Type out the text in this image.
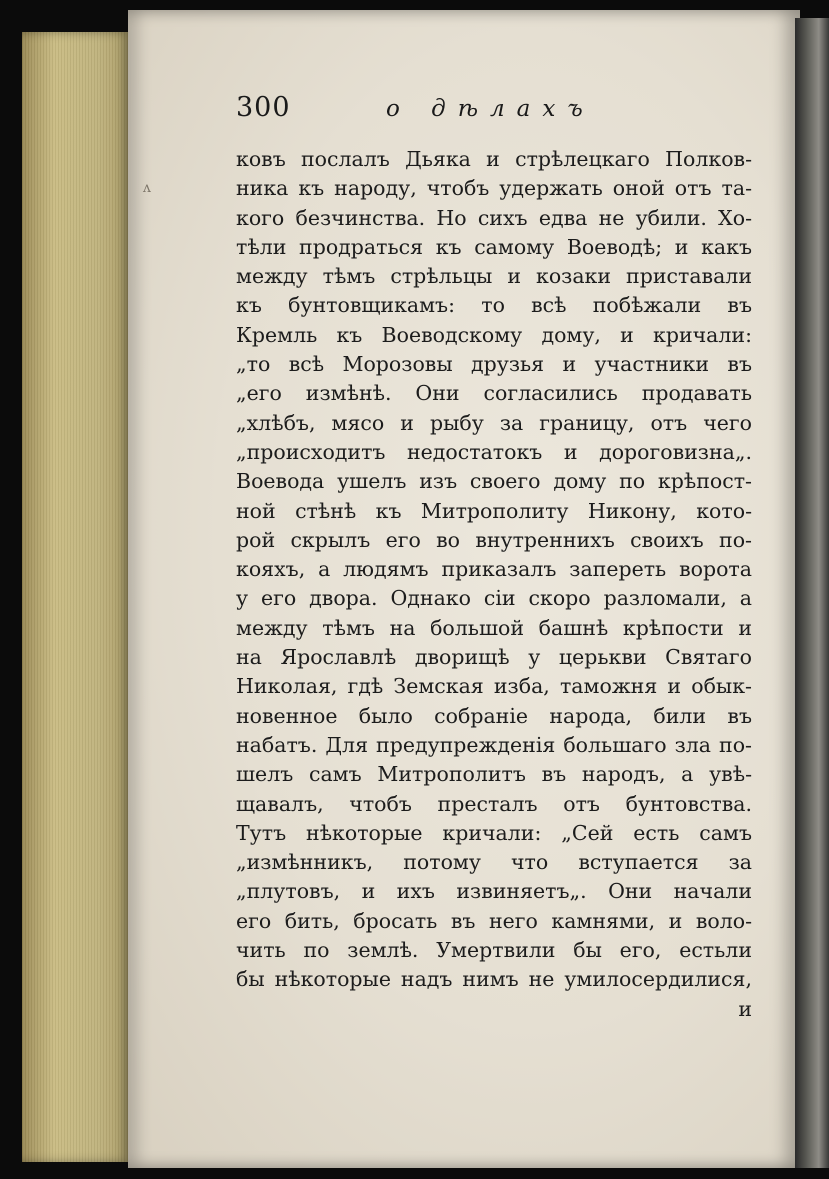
ʌ
300	о дѣлахъ
ковъ послалъ Дьяка и стрѣлецкаго Полков-
ника къ народу, чтобъ удержать оной отъ та-
кого безчинства. Но сихъ едва не убили. Хо-
тѣли продраться къ самому Воеводѣ; и какъ
между тѣмъ стрѣльцы и козаки приставали
къ бунтовщикамъ: то всѣ побѣжали въ
Кремль къ Воеводскому дому, и кричали:
„то всѣ Морозовы друзья и участники въ
„его измѣнѣ. Они согласились продавать
„хлѣбъ, мясо и рыбу за границу, отъ чего
„происходитъ недостатокъ и дороговизна„.
Воевода ушелъ изъ своего дому по крѣпост-
ной стѣнѣ къ Митрополиту Никону, кото-
рой скрылъ его во внутреннихъ своихъ по-
кояхъ, а людямъ приказалъ запереть ворота
у его двора. Однако сіи скоро разломали, а
между тѣмъ на большой башнѣ крѣпости и
на Ярославлѣ дворищѣ у церькви Святаго
Николая, гдѣ Земская изба, таможня и обык-
новенное было собраніе народа, били въ
набатъ. Для предупрежденія большаго зла по-
шелъ самъ Митрополитъ въ народъ, а увѣ-
щавалъ, чтобъ престалъ отъ бунтовства.
Тутъ нѣкоторые кричали: „Сей есть самъ
„измѣнникъ, потому что вступается за
„плутовъ, и ихъ извиняетъ„. Они начали
его бить, бросать въ него камнями, и воло-
чить по землѣ. Умертвили бы его, естьли
бы нѣкоторые надъ нимъ не умилосердилися,
и
